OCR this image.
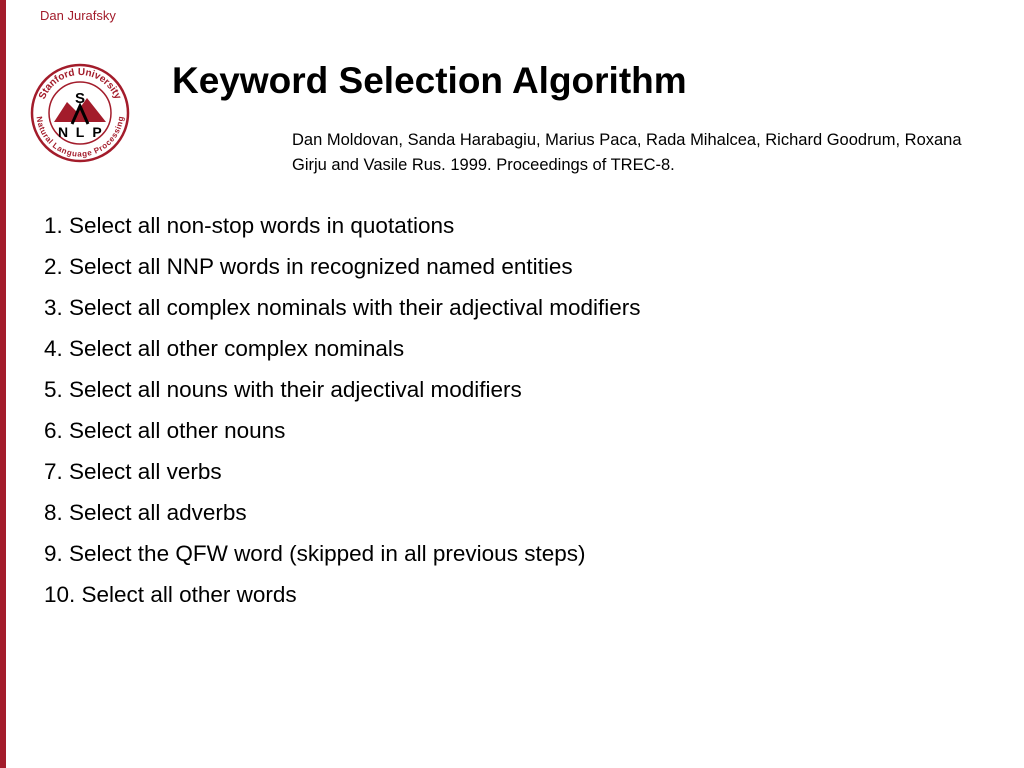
Dan Jurafsky
Stanford University
Natural Language Processing
S
N L P
Keyword Selection Algorithm
Dan Moldovan, Sanda Harabagiu, Marius Paca, Rada Mihalcea, Richard Goodrum, Roxana Girju and Vasile Rus. 1999. Proceedings of TREC-8.
1. Select all non-stop words in quotations
2. Select all NNP words in recognized named entities
3. Select all complex nominals with their adjectival modifiers
4. Select all other complex nominals
5. Select all nouns with their adjectival modifiers
6. Select all other nouns
7. Select all verbs
8. Select all adverbs
9. Select the QFW word (skipped in all previous steps)
10. Select all other words
